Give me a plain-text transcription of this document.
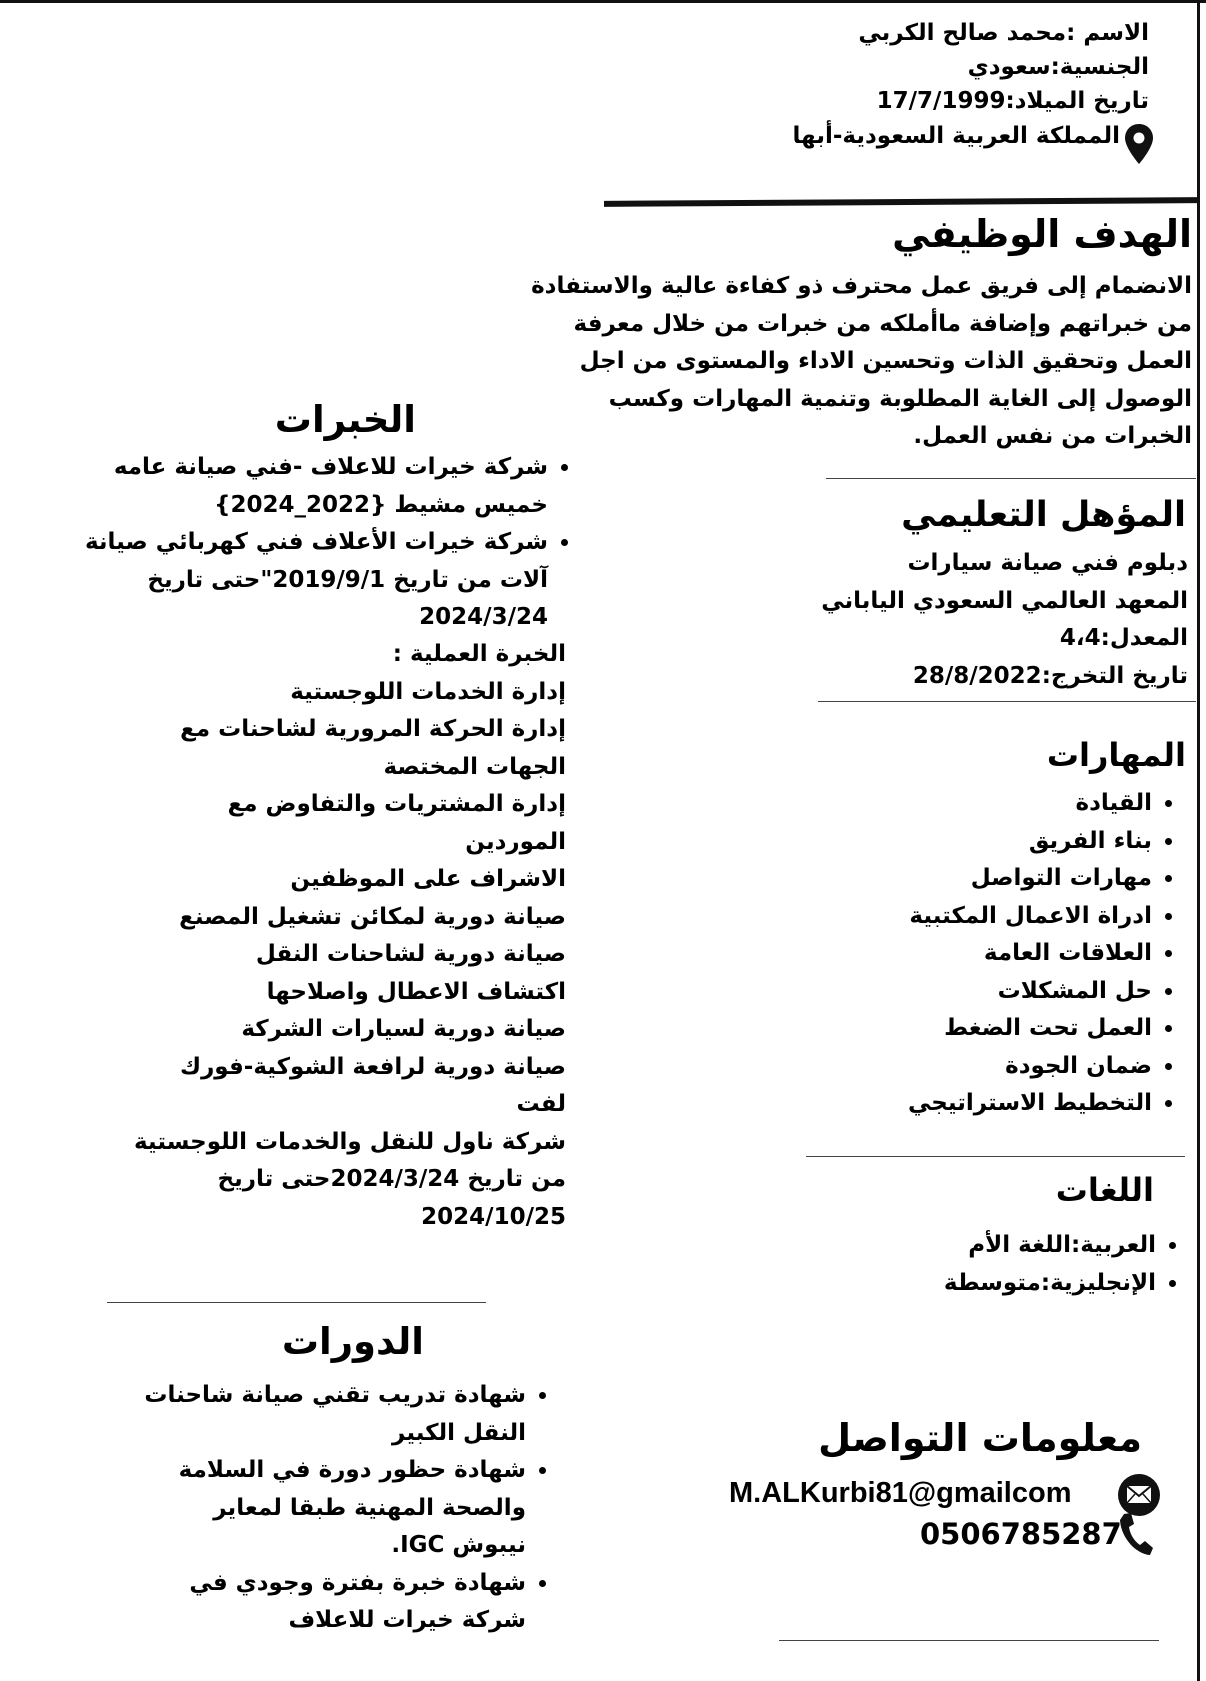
الاسم :محمد صالح الكربي
الجنسية:سعودي
تاريخ الميلاد:17/7/1999
المملكة العربية السعودية-أبها
الهدف الوظيفي
الانضمام إلى فريق عمل محترف ذو كفاءة عالية والاستفادة
من خبراتهم وإضافة ماأملكه من خبرات من خلال معرفة
العمل وتحقيق الذات وتحسين الاداء والمستوى من اجل
الوصول إلى الغاية المطلوبة وتنمية المهارات وكسب
الخبرات من نفس العمل.
المؤهل التعليمي
دبلوم فني صيانة سيارات
المعهد العالمي السعودي الياباني
المعدل:4،4
تاريخ التخرج:28/8/2022
المهارات
• القيادة
• بناء الفريق
• مهارات التواصل
• ادراة الاعمال المكتبية
• العلاقات العامة
• حل المشكلات
• العمل تحت الضغط
• ضمان الجودة
• التخطيط الاستراتيجي
اللغات
• العربية:اللغة الأم
• الإنجليزية:متوسطة
معلومات التواصل
M.ALKurbi81@gmailcom
0506785287
الخبرات
• شركة خيرات للاعلاف -فني صيانة عامه
خميس مشيط {2022_2024}
• شركة خيرات الأعلاف فني كهربائي صيانة
آلات من تاريخ 2019/9/1"حتى تاريخ
2024/3/24
الخبرة العملية :
إدارة الخدمات اللوجستية
إدارة الحركة المرورية لشاحنات مع
الجهات المختصة
إدارة المشتريات والتفاوض مع
الموردين
الاشراف على الموظفين
صيانة دورية لمكائن تشغيل المصنع
صيانة دورية لشاحنات النقل
اكتشاف الاعطال واصلاحها
صيانة دورية لسيارات الشركة
صيانة دورية لرافعة الشوكية-فورك
لفت
شركة ناول للنقل والخدمات اللوجستية
من تاريخ 2024/3/24حتى تاريخ
2024/10/25
الدورات
• شهادة تدريب تقني صيانة شاحنات
النقل الكبير
• شهادة حظور دورة في السلامة
والصحة المهنية طبقا لمعاير
نيبوش IGC.
• شهادة خبرة بفترة وجودي في
شركة خيرات للاعلاف
